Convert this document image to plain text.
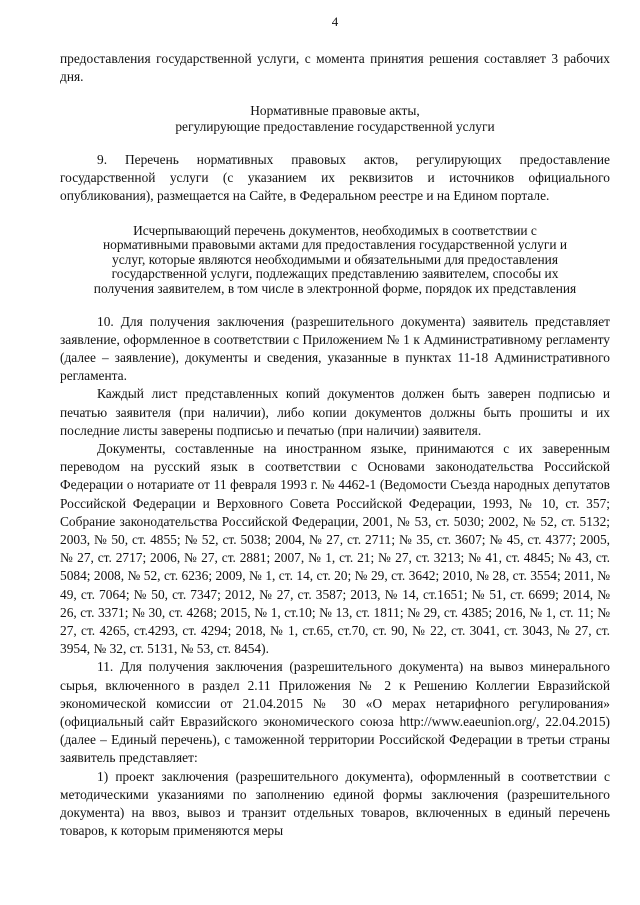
4

предоставления государственной услуги, с момента принятия решения составляет 3 рабочих дня.

Нормативные правовые акты,
регулирующие предоставление государственной услуги

9. Перечень нормативных правовых актов, регулирующих предоставление государственной услуги (с указанием их реквизитов и источников официального опубликования), размещается на Сайте, в Федеральном реестре и на Едином портале.

Исчерпывающий перечень документов, необходимых в соответствии с нормативными правовыми актами для предоставления государственной услуги и услуг, которые являются необходимыми и обязательными для предоставления государственной услуги, подлежащих представлению заявителем, способы их получения заявителем, в том числе в электронной форме, порядок их представления

10. Для получения заключения (разрешительного документа) заявитель представляет заявление, оформленное в соответствии с Приложением № 1 к Административному регламенту (далее – заявление), документы и сведения, указанные в пунктах 11-18 Административного регламента.

Каждый лист представленных копий документов должен быть заверен подписью и печатью заявителя (при наличии), либо копии документов должны быть прошиты и их последние листы заверены подписью и печатью (при наличии) заявителя.

Документы, составленные на иностранном языке, принимаются с их заверенным переводом на русский язык в соответствии с Основами законодательства Российской Федерации о нотариате от 11 февраля 1993 г. № 4462-1 (Ведомости Съезда народных депутатов Российской Федерации и Верховного Совета Российской Федерации, 1993, № 10, ст. 357; Собрание законодательства Российской Федерации, 2001, № 53, ст. 5030; 2002, № 52, ст. 5132; 2003, № 50, ст. 4855; № 52, ст. 5038; 2004, № 27, ст. 2711; № 35, ст. 3607; № 45, ст. 4377; 2005, № 27, ст. 2717; 2006, № 27, ст. 2881; 2007, № 1, ст. 21; № 27, ст. 3213; № 41, ст. 4845; № 43, ст. 5084; 2008, № 52, ст. 6236; 2009, № 1, ст. 14, ст. 20; № 29, ст. 3642; 2010, № 28, ст. 3554; 2011, № 49, ст. 7064; № 50, ст. 7347; 2012, № 27, ст. 3587; 2013, № 14, ст.1651; № 51, ст. 6699; 2014, № 26, ст. 3371; № 30, ст. 4268; 2015, № 1, ст.10; № 13, ст. 1811; № 29, ст. 4385; 2016, № 1, ст. 11; № 27, ст. 4265, ст.4293, ст. 4294; 2018, № 1, ст.65, ст.70, ст. 90, № 22, ст. 3041, ст. 3043, № 27, ст. 3954, № 32, ст. 5131, № 53, ст. 8454).

11. Для получения заключения (разрешительного документа) на вывоз минерального сырья, включенного в раздел 2.11 Приложения № 2 к Решению Коллегии Евразийской экономической комиссии от 21.04.2015 № 30 «О мерах нетарифного регулирования» (официальный сайт Евразийского экономического союза http://www.eaeunion.org/, 22.04.2015) (далее – Единый перечень), с таможенной территории Российской Федерации в третьи страны заявитель представляет:

1) проект заключения (разрешительного документа), оформленный в соответствии с методическими указаниями по заполнению единой формы заключения (разрешительного документа) на ввоз, вывоз и транзит отдельных товаров, включенных в единый перечень товаров, к которым применяются меры
